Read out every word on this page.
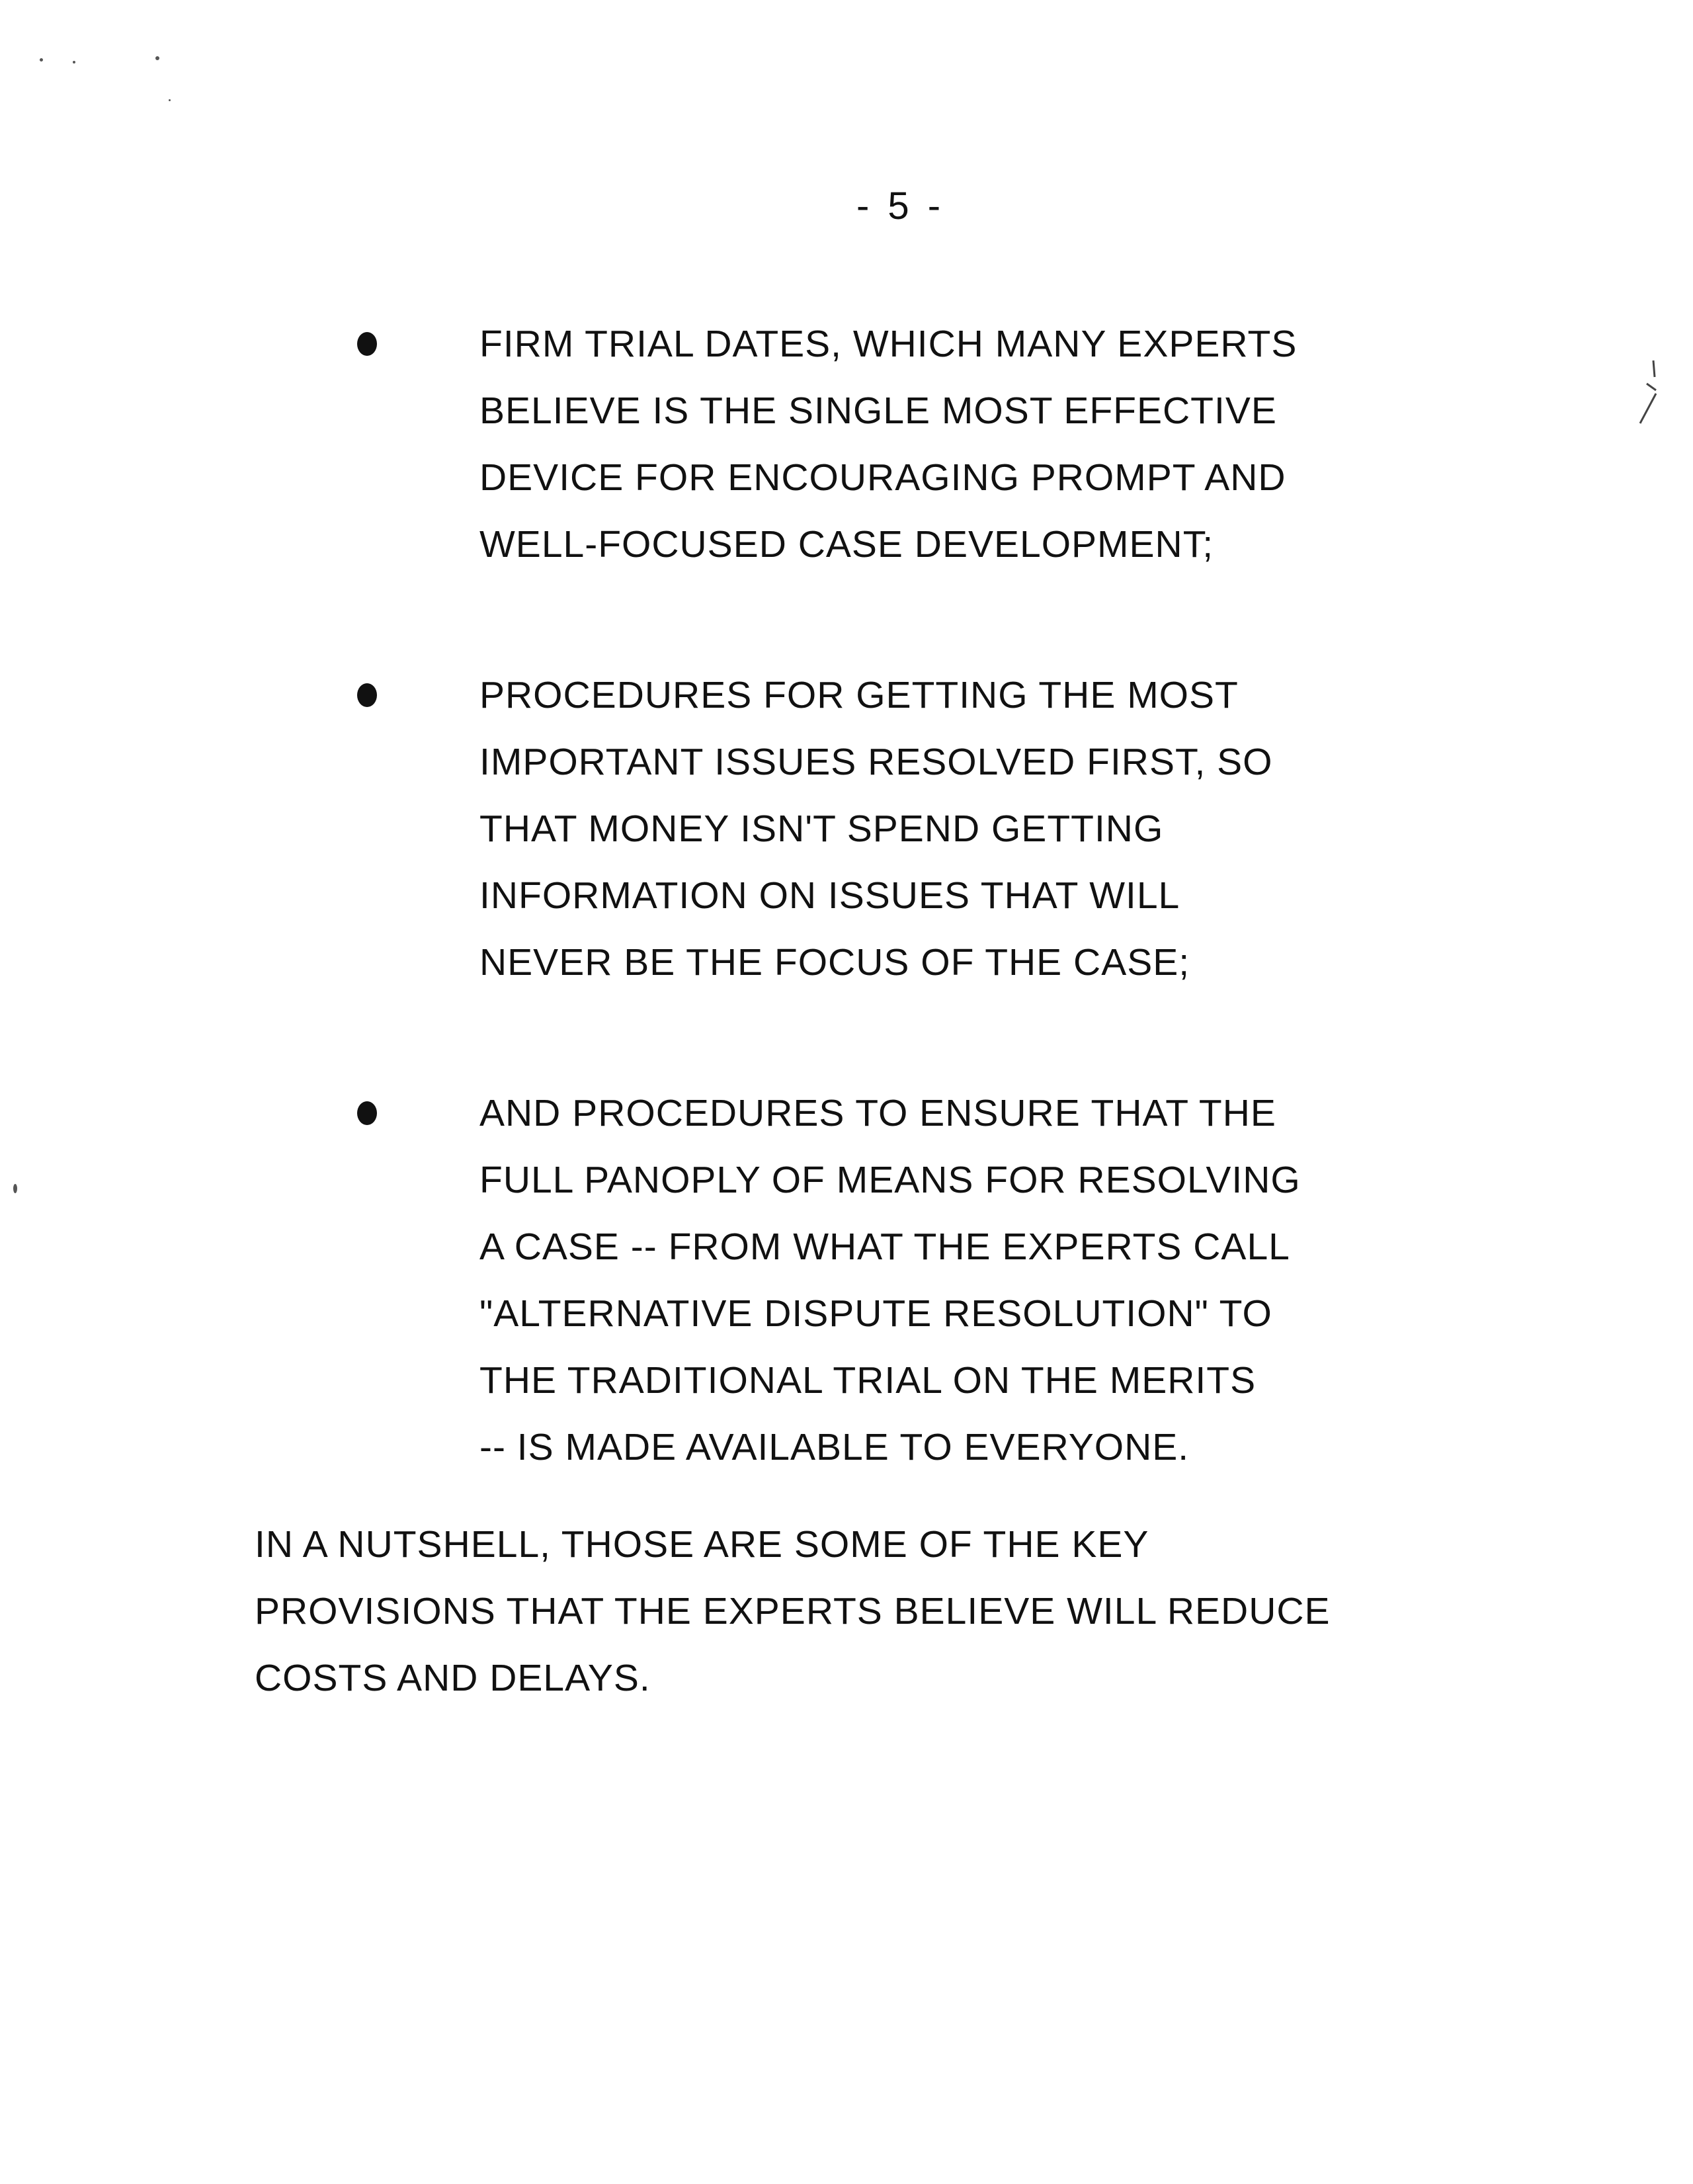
- 5 -
FIRM TRIAL DATES, WHICH MANY EXPERTS
BELIEVE IS THE SINGLE MOST EFFECTIVE
DEVICE FOR ENCOURAGING PROMPT AND
WELL-FOCUSED CASE DEVELOPMENT;
PROCEDURES FOR GETTING THE MOST
IMPORTANT ISSUES RESOLVED FIRST, SO
THAT MONEY ISN'T SPEND GETTING
INFORMATION ON ISSUES THAT WILL
NEVER BE THE FOCUS OF THE CASE;
AND PROCEDURES TO ENSURE THAT THE
FULL PANOPLY OF MEANS FOR RESOLVING
A CASE -- FROM WHAT THE EXPERTS CALL
"ALTERNATIVE DISPUTE RESOLUTION" TO
THE TRADITIONAL TRIAL ON THE MERITS
-- IS MADE AVAILABLE TO EVERYONE.
IN A NUTSHELL, THOSE ARE SOME OF THE KEY
PROVISIONS THAT THE EXPERTS BELIEVE WILL REDUCE
COSTS AND DELAYS.
